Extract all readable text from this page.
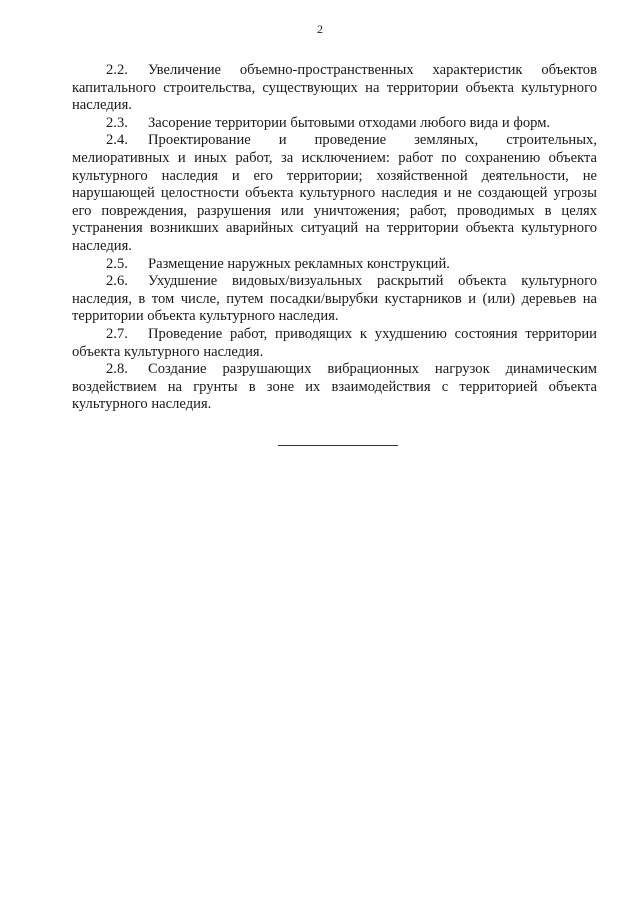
2

2.2. Увеличение объемно-пространственных характеристик объектов капитального строительства, существующих на территории объекта культурного наследия.

2.3. Засорение территории бытовыми отходами любого вида и форм.

2.4. Проектирование и проведение земляных, строительных, мелиоративных и иных работ, за исключением: работ по сохранению объекта культурного наследия и его территории; хозяйственной деятельности, не нарушающей целостности объекта культурного наследия и не создающей угрозы его повреждения, разрушения или уничтожения; работ, проводимых в целях устранения возникших аварийных ситуаций на территории объекта культурного наследия.

2.5. Размещение наружных рекламных конструкций.

2.6. Ухудшение видовых/визуальных раскрытий объекта культурного наследия, в том числе, путем посадки/вырубки кустарников и (или) деревьев на территории объекта культурного наследия.

2.7. Проведение работ, приводящих к ухудшению состояния территории объекта культурного наследия.

2.8. Создание разрушающих вибрационных нагрузок динамическим воздействием на грунты в зоне их взаимодействия с территорией объекта культурного наследия.
